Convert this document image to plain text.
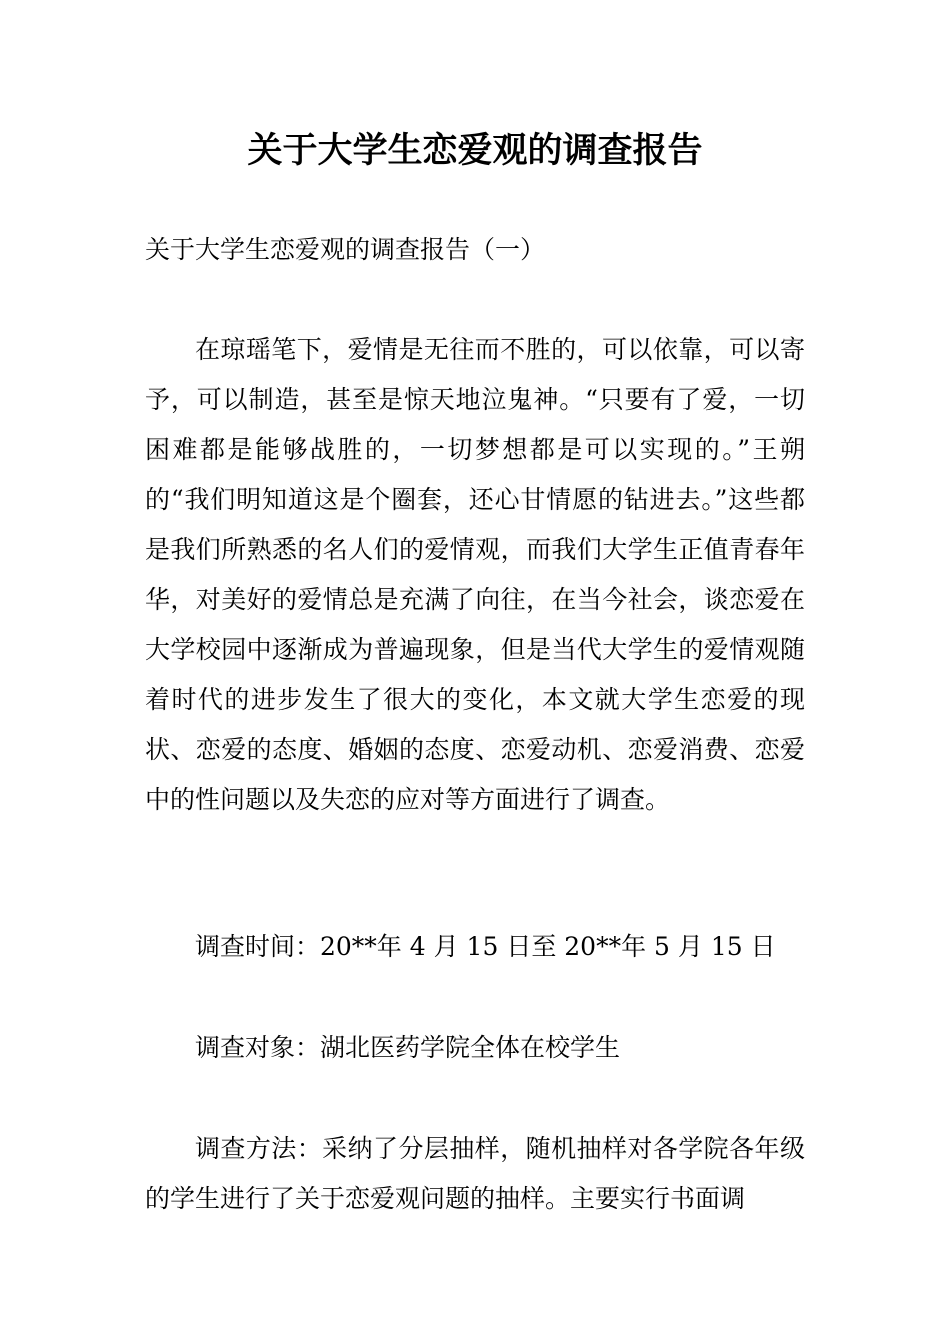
关于大学生恋爱观的调查报告

关于大学生恋爱观的调查报告（一）

在琼瑶笔下，爱情是无往而不胜的，可以依靠，可以寄予，可以制造，甚至是惊天地泣鬼神。“只要有了爱，一切困难都是能够战胜的，一切梦想都是可以实现的。”王朔的“我们明知道这是个圈套，还心甘情愿的钻进去。”这些都是我们所熟悉的名人们的爱情观，而我们大学生正值青春年华，对美好的爱情总是充满了向往，在当今社会，谈恋爱在大学校园中逐渐成为普遍现象，但是当代大学生的爱情观随着时代的进步发生了很大的变化，本文就大学生恋爱的现状、恋爱的态度、婚姻的态度、恋爱动机、恋爱消费、恋爱中的性问题以及失恋的应对等方面进行了调查。

调查时间：20**年 4 月 15 日至 20**年 5 月 15 日

调查对象：湖北医药学院全体在校学生

调查方法：采纳了分层抽样，随机抽样对各学院各年级的学生进行了关于恋爱观问题的抽样。主要实行书面调
